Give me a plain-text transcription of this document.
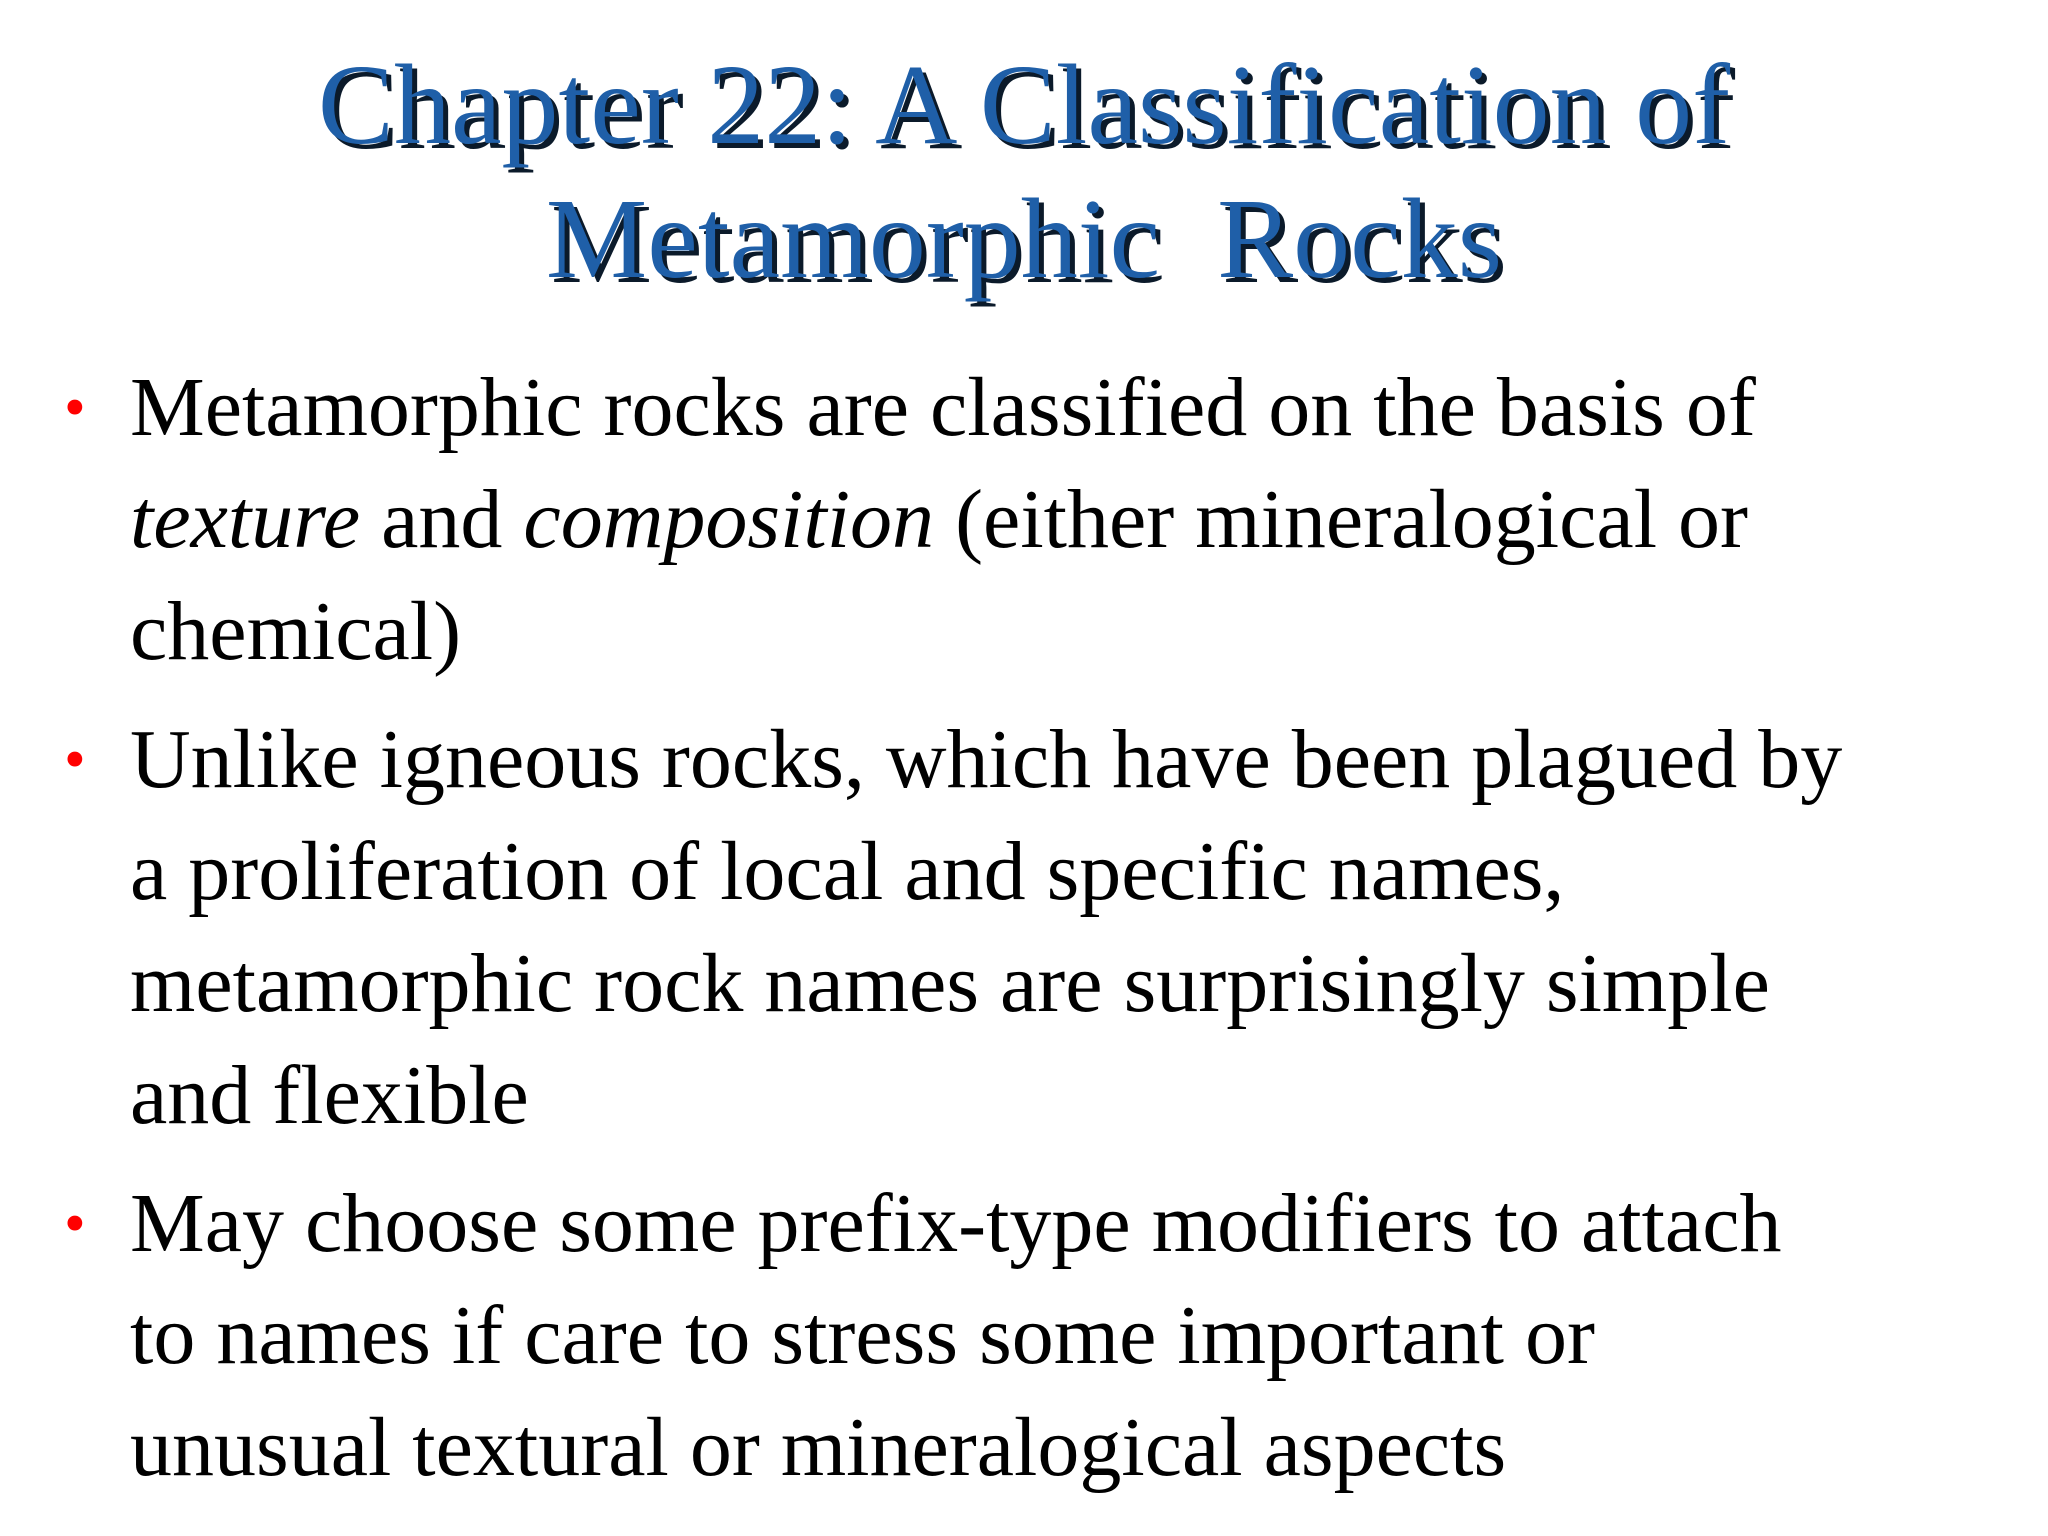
Chapter 22: A Classification of
Metamorphic  Rocks
• Metamorphic rocks are classified on the basis of
texture and composition (either mineralogical or
chemical)
• Unlike igneous rocks, which have been plagued by
a proliferation of local and specific names,
metamorphic rock names are surprisingly simple
and flexible
• May choose some prefix-type modifiers to attach
to names if care to stress some important or
unusual textural or mineralogical aspects
